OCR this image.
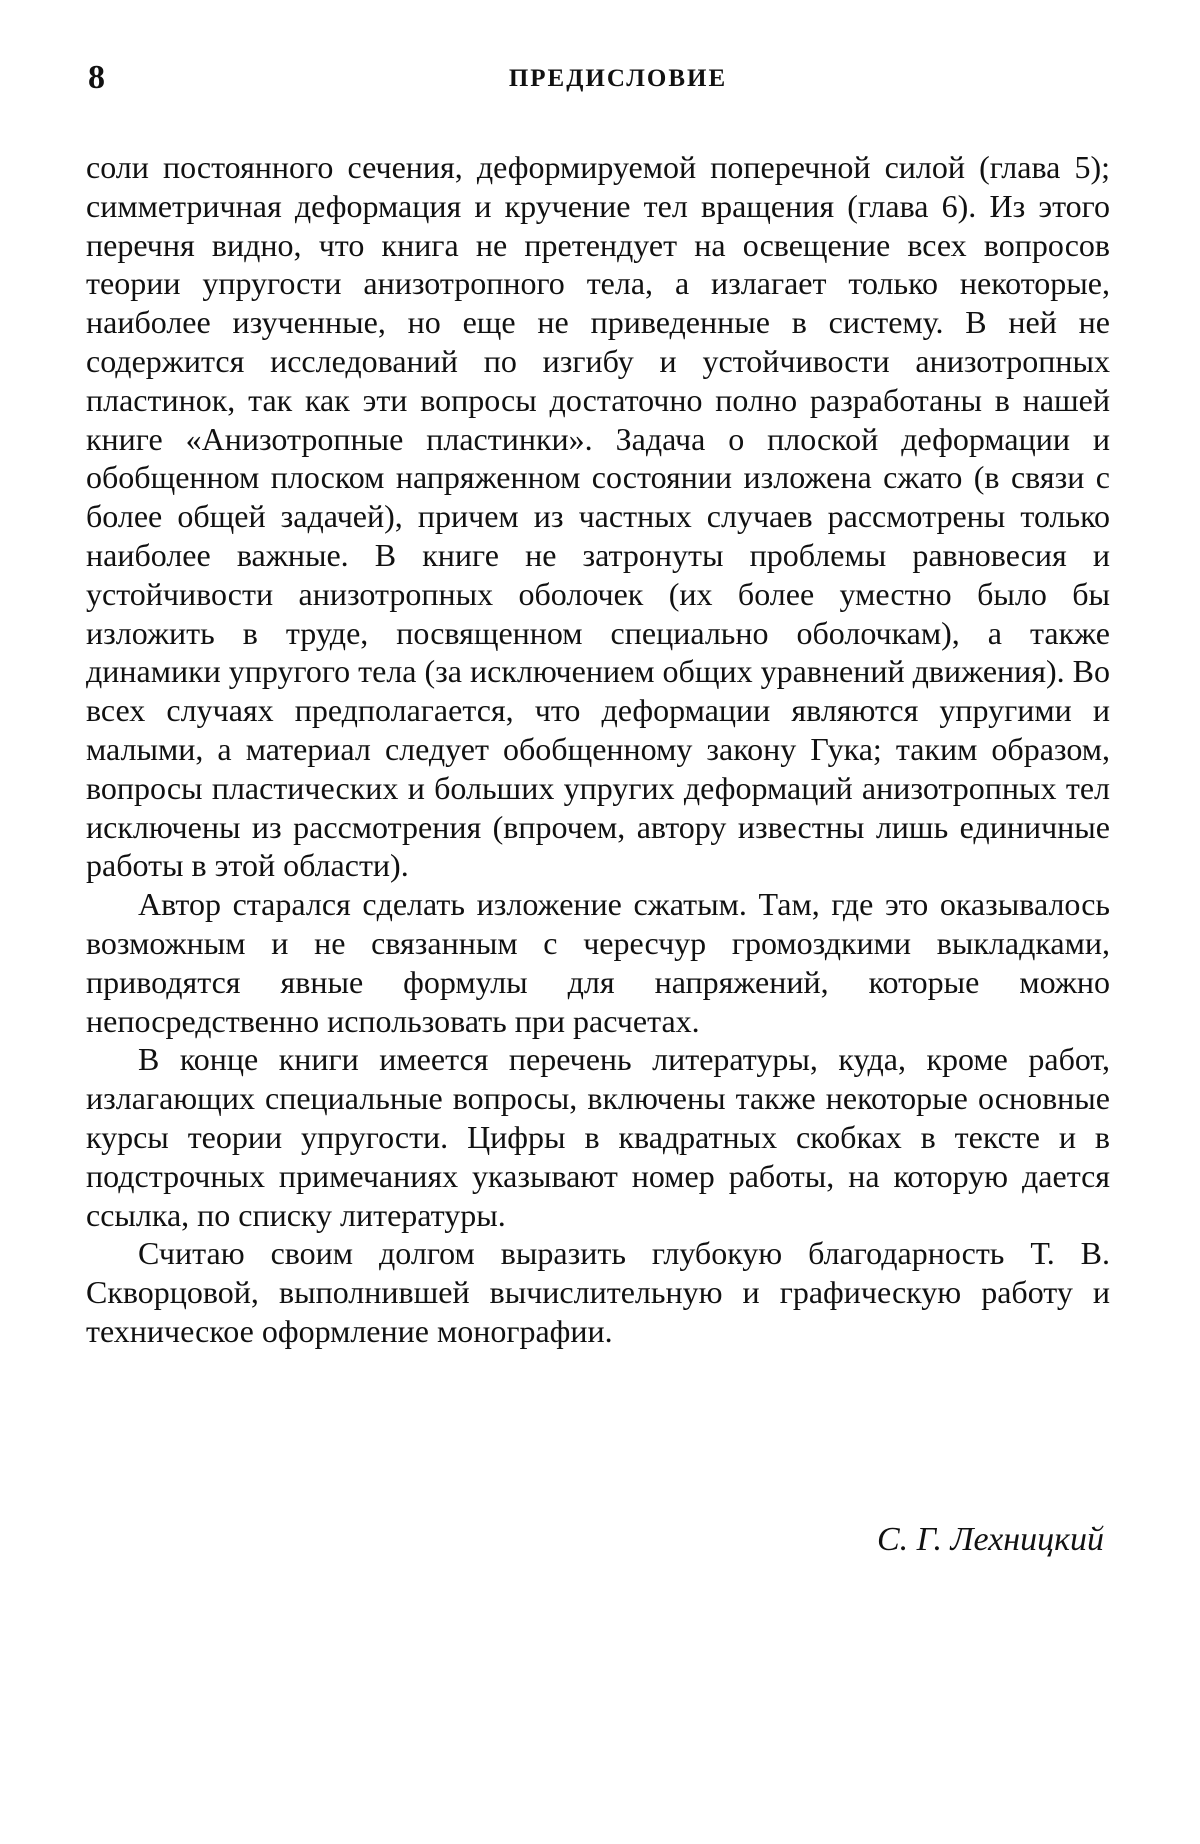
8	ПРЕДИСЛОВИЕ

соли постоянного сечения, деформируемой поперечной силой (глава 5); симметричная деформация и кручение тел вращения (глава 6). Из этого перечня видно, что книга не претендует на освещение всех вопросов теории упругости анизотропного тела, а излагает только некоторые, наиболее изученные, но еще не приведенные в систему. В ней не содержится исследований по изгибу и устойчивости анизотропных пластинок, так как эти вопросы достаточно полно разработаны в нашей книге «Анизотропные пластинки». Задача о плоской деформации и обобщенном плоском напряженном состоянии изложена сжато (в связи с более общей задачей), причем из частных случаев рассмотрены только наиболее важные. В книге не затронуты проблемы равновесия и устойчивости анизотропных оболочек (их более уместно было бы изложить в труде, посвященном специально оболочкам), а также динамики упругого тела (за исключением общих уравнений движения). Во всех случаях предполагается, что деформации являются упругими и малыми, а материал следует обобщенному закону Гука; таким образом, вопросы пластических и больших упругих деформаций анизотропных тел исключены из рассмотрения (впрочем, автору известны лишь единичные работы в этой области).

Автор старался сделать изложение сжатым. Там, где это оказывалось возможным и не связанным с чересчур громоздкими выкладками, приводятся явные формулы для напряжений, которые можно непосредственно использовать при расчетах.

В конце книги имеется перечень литературы, куда, кроме работ, излагающих специальные вопросы, включены также некоторые основные курсы теории упругости. Цифры в квадратных скобках в тексте и в подстрочных примечаниях указывают номер работы, на которую дается ссылка, по списку литературы.

Считаю своим долгом выразить глубокую благодарность Т. В. Скворцовой, выполнившей вычислительную и графическую работу и техническое оформление монографии.

С. Г. Лехницкий
